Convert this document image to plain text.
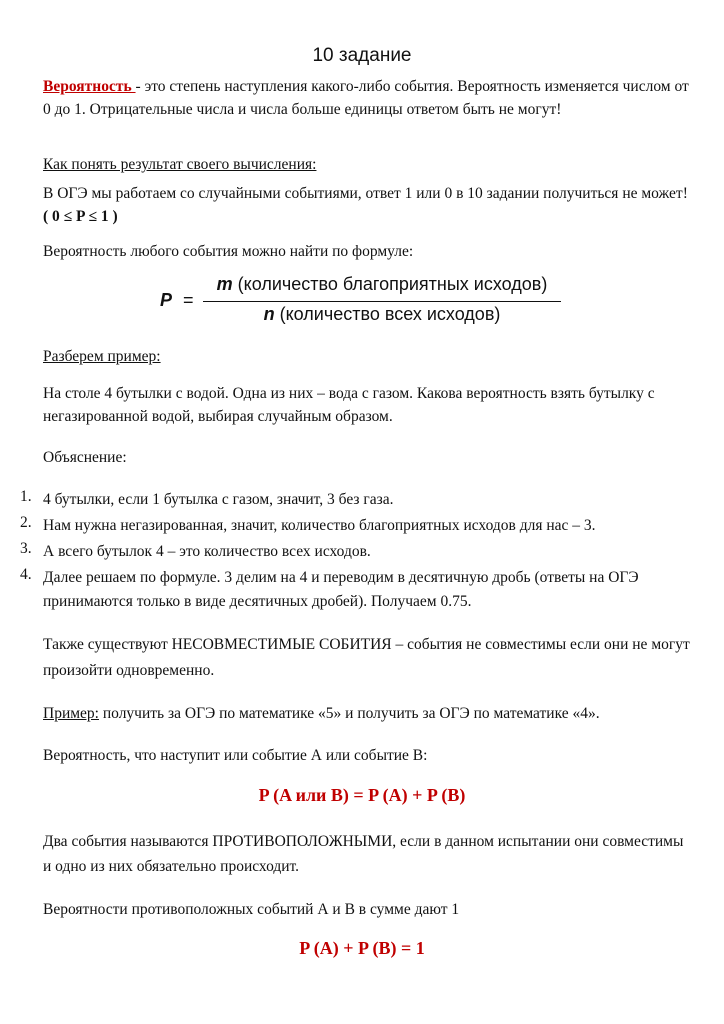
10 задание
Вероятность - это степень наступления какого-либо события. Вероятность изменяется числом от 0 до 1. Отрицательные числа и числа больше единицы ответом быть не могут!
Как понять результат своего вычисления:
В ОГЭ мы работаем со случайными событиями, ответ 1 или 0 в 10 задании получиться не может! ( 0 ≤ P ≤ 1 )
Вероятность любого события можно найти по формуле:
P =
m (количество благоприятных исходов)
n (количество всех исходов)
Разберем пример:
На столе 4 бутылки с водой. Одна из них – вода с газом. Какова вероятность взять бутылку с негазированной водой, выбирая случайным образом.
Объяснение:
1. 4 бутылки, если 1 бутылка с газом, значит, 3 без газа.
2. Нам нужна негазированная, значит, количество благоприятных исходов для нас – 3.
3. А всего бутылок 4 – это количество всех исходов.
4. Далее решаем по формуле. 3 делим на 4 и переводим в десятичную дробь (ответы на ОГЭ принимаются только в виде десятичных дробей). Получаем 0.75.
Также существуют НЕСОВМЕСТИМЫЕ СОБИТИЯ – события не совместимы если они не могут произойти одновременно.
Пример: получить за ОГЭ по математике «5» и получить за ОГЭ по математике «4».
Вероятность, что наступит или событие А или событие В:
P (A или B) = P (A) + P (B)
Два события называются ПРОТИВОПОЛОЖНЫМИ, если в данном испытании они совместимы и одно из них обязательно происходит.
Вероятности противоположных событий А и В в сумме дают 1
P (A) + P (B) = 1
